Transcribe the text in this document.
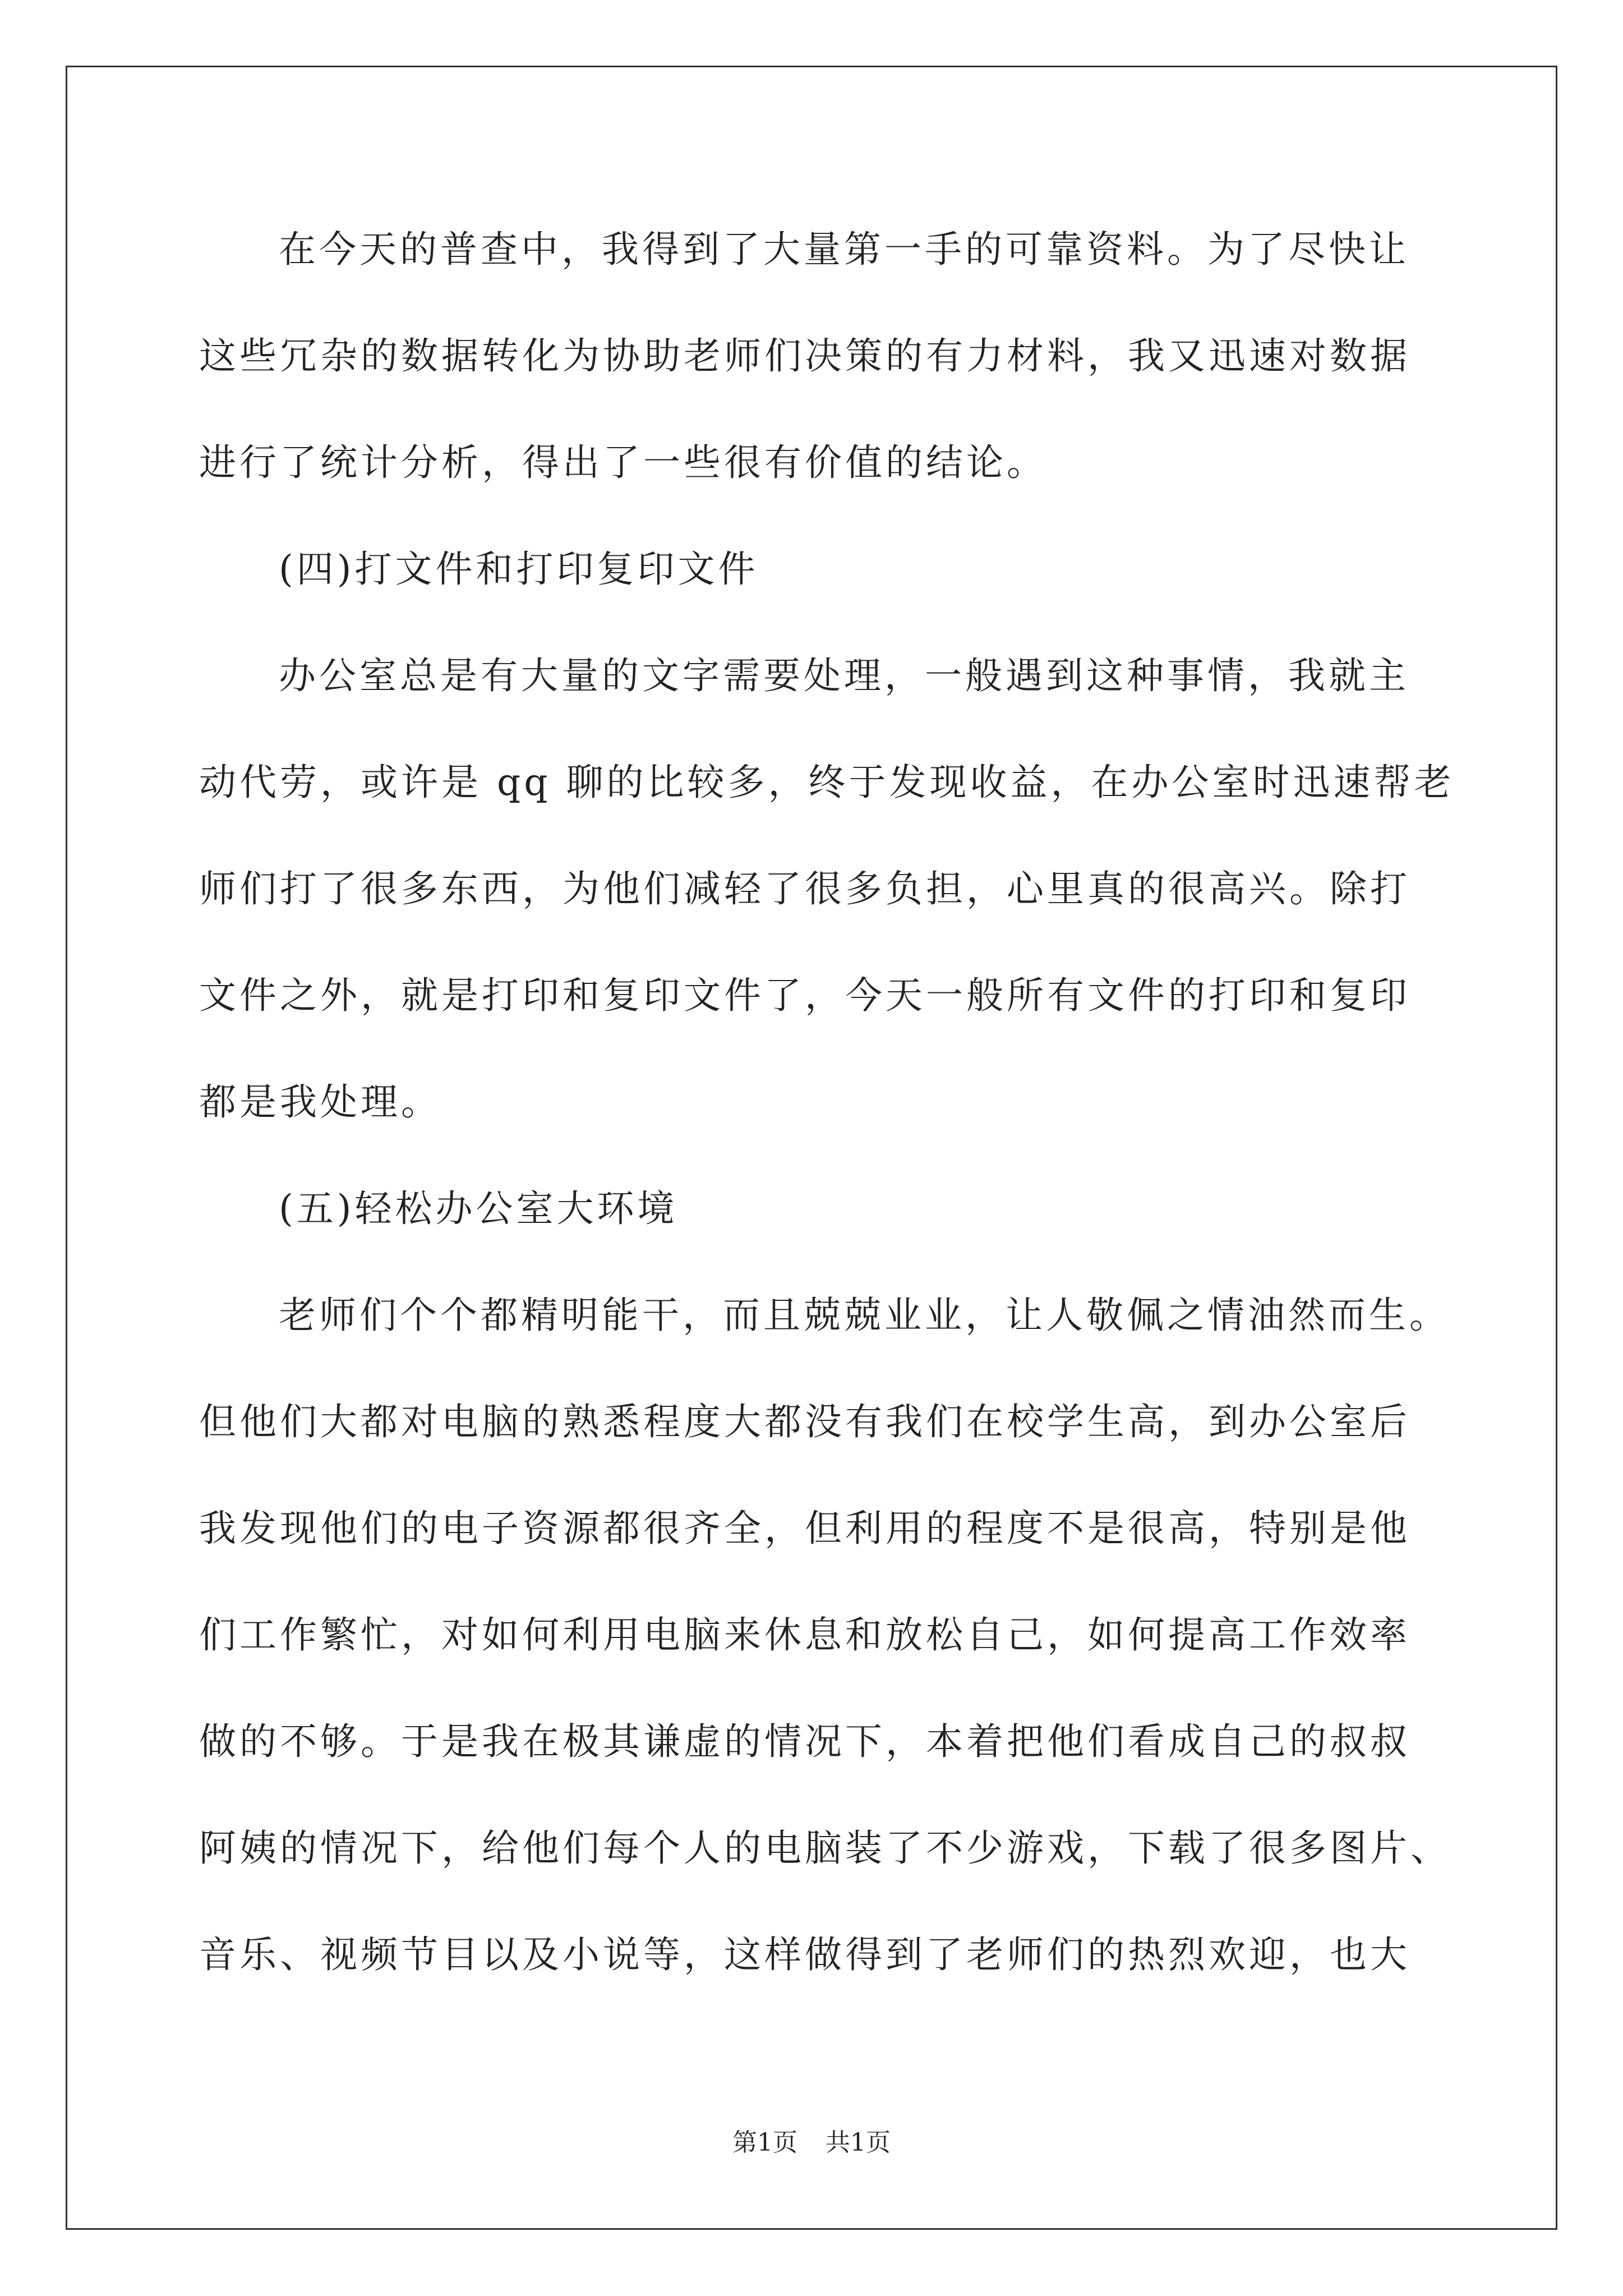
在今天的普查中，我得到了大量第一手的可靠资料。为了尽快让
这些冗杂的数据转化为协助老师们决策的有力材料，我又迅速对数据
进行了统计分析，得出了一些很有价值的结论。
(四)打文件和打印复印文件
办公室总是有大量的文字需要处理，一般遇到这种事情，我就主
动代劳，或许是 qq 聊的比较多，终于发现收益，在办公室时迅速帮老
师们打了很多东西，为他们减轻了很多负担，心里真的很高兴。除打
文件之外，就是打印和复印文件了，今天一般所有文件的打印和复印
都是我处理。
(五)轻松办公室大环境
老师们个个都精明能干，而且兢兢业业，让人敬佩之情油然而生。
但他们大都对电脑的熟悉程度大都没有我们在校学生高，到办公室后
我发现他们的电子资源都很齐全，但利用的程度不是很高，特别是他
们工作繁忙，对如何利用电脑来休息和放松自己，如何提高工作效率
做的不够。于是我在极其谦虚的情况下，本着把他们看成自己的叔叔
阿姨的情况下，给他们每个人的电脑装了不少游戏，下载了很多图片、
音乐、视频节目以及小说等，这样做得到了老师们的热烈欢迎，也大
第1页 共1页
